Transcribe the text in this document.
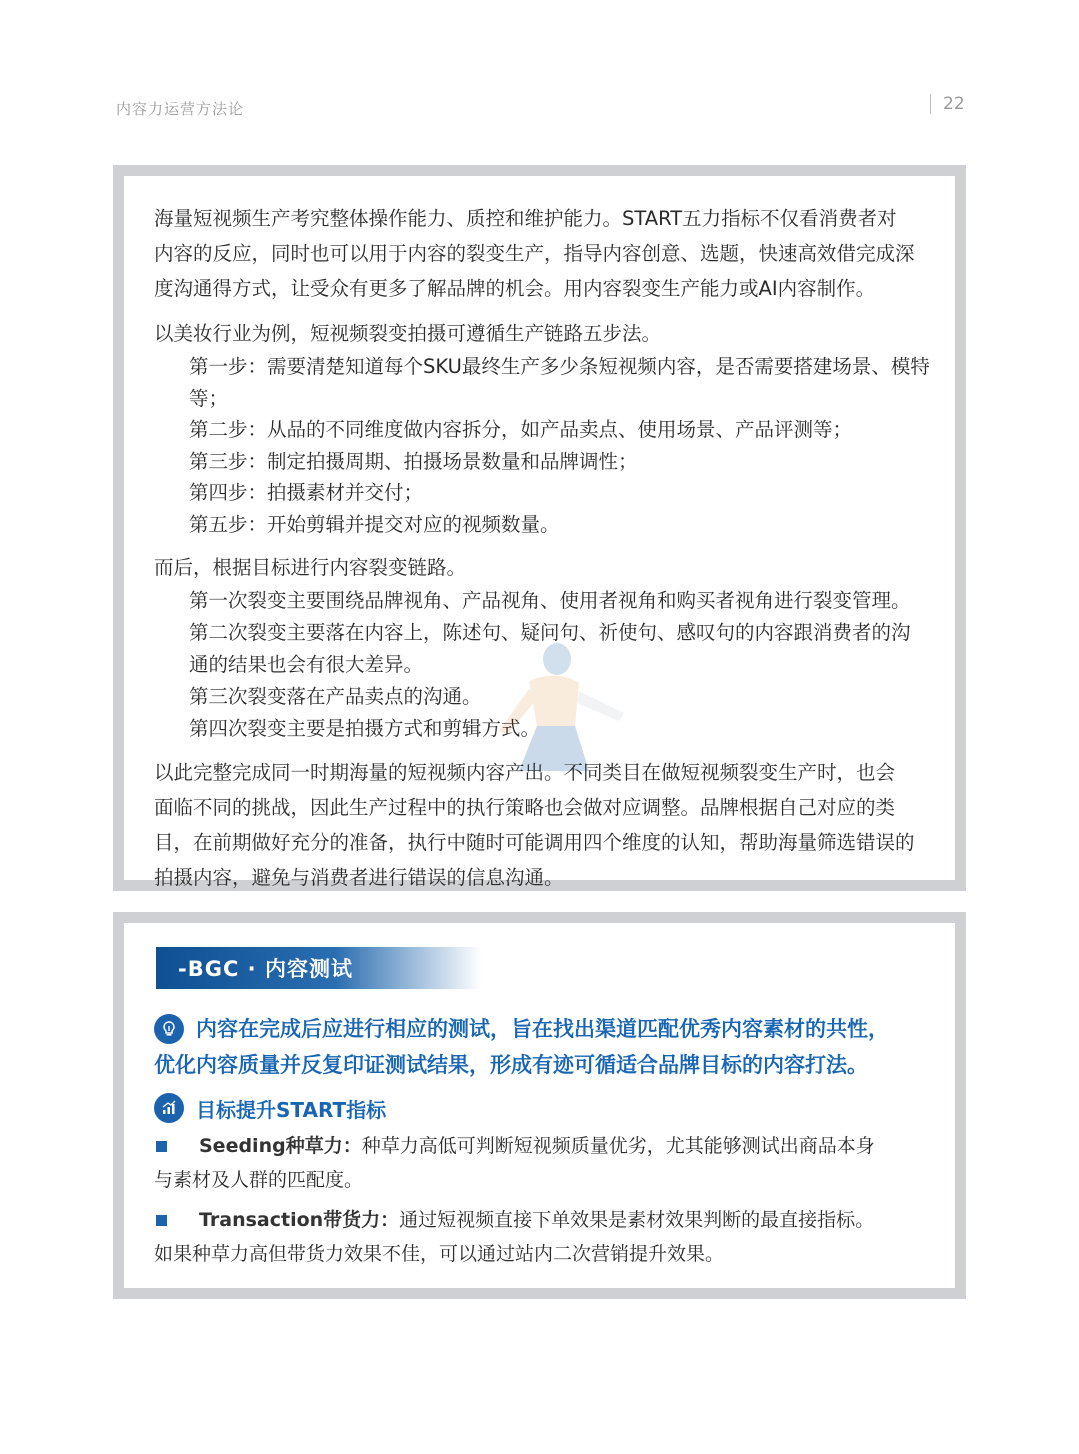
内容力运营方法论	22

海量短视频生产考究整体操作能力、质控和维护能力。START五力指标不仅看消费者对

内容的反应，同时也可以用于内容的裂变生产，指导内容创意、选题，快速高效借完成深

度沟通得方式，让受众有更多了解品牌的机会。用内容裂变生产能力或AI内容制作。

以美妆行业为例，短视频裂变拍摄可遵循生产链路五步法。

第一步：需要清楚知道每个SKU最终生产多少条短视频内容，是否需要搭建场景、模特等；

第二步：从品的不同维度做内容拆分，如产品卖点、使用场景、产品评测等；

第三步：制定拍摄周期、拍摄场景数量和品牌调性；

第四步：拍摄素材并交付；

第五步：开始剪辑并提交对应的视频数量。

而后，根据目标进行内容裂变链路。

第一次裂变主要围绕品牌视角、产品视角、使用者视角和购买者视角进行裂变管理。

第二次裂变主要落在内容上，陈述句、疑问句、祈使句、感叹句的内容跟消费者的沟

通的结果也会有很大差异。

第三次裂变落在产品卖点的沟通。

第四次裂变主要是拍摄方式和剪辑方式。

以此完整完成同一时期海量的短视频内容产出。不同类目在做短视频裂变生产时，也会

面临不同的挑战，因此生产过程中的执行策略也会做对应调整。品牌根据自己对应的类

目，在前期做好充分的准备，执行中随时可能调用四个维度的认知，帮助海量筛选错误的

拍摄内容，避免与消费者进行错误的信息沟通。

-BGC · 内容测试
内容在完成后应进行相应的测试，旨在找出渠道匹配优秀内容素材的共性，
优化内容质量并反复印证测试结果，形成有迹可循适合品牌目标的内容打法。
目标提升START指标
Seeding种草力： 种草力高低可判断短视频质量优劣，尤其能够测试出商品本身
与素材及人群的匹配度。
Transaction带货力： 通过短视频直接下单效果是素材效果判断的最直接指标。
如果种草力高但带货力效果不佳，可以通过站内二次营销提升效果。
